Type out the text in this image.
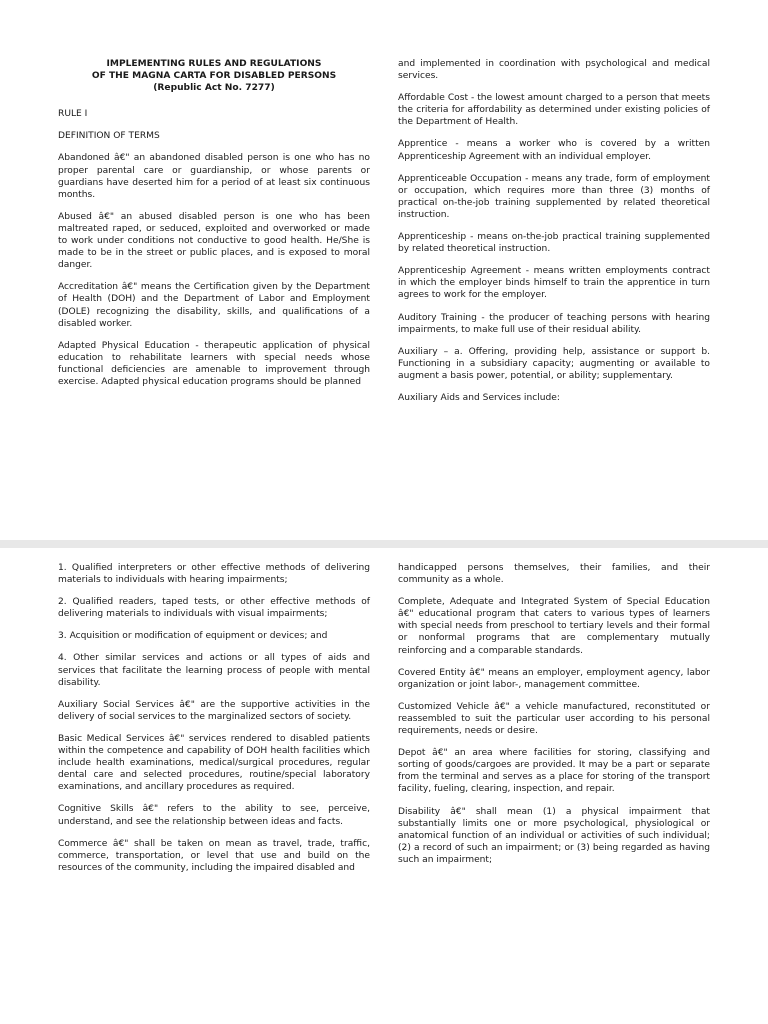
IMPLEMENTING RULES AND REGULATIONS

OF THE MAGNA CARTA FOR DISABLED PERSONS

(Republic Act No. 7277)

RULE I

DEFINITION OF TERMS

Abandoned â€" an abandoned disabled person is one who has no proper parental care or guardianship, or whose parents or guardians have deserted him for a period of at least six continuous months.

Abused â€" an abused disabled person is one who has been maltreated raped, or seduced, exploited and overworked or made to work under conditions not conductive to good health. He/She is made to be in the street or public places, and is exposed to moral danger.

Accreditation â€" means the Certification given by the Department of Health (DOH) and the Department of Labor and Employment (DOLE) recognizing the disability, skills, and qualifications of a disabled worker.

Adapted Physical Education - therapeutic application of physical education to rehabilitate learners with special needs whose functional deficiencies are amenable to improvement through exercise. Adapted physical education programs should be planned

and implemented in coordination with psychological and medical services.

Affordable Cost - the lowest amount charged to a person that meets the criteria for affordability as determined under existing policies of the Department of Health.

Apprentice - means a worker who is covered by a written Apprenticeship Agreement with an individual employer.

Apprenticeable Occupation - means any trade, form of employment or occupation, which requires more than three (3) months of practical on-the-job training supplemented by related theoretical instruction.

Apprenticeship - means on-the-job practical training supplemented by related theoretical instruction.

Apprenticeship Agreement - means written employments contract in which the employer binds himself to train the apprentice in turn agrees to work for the employer.

Auditory Training - the producer of teaching persons with hearing impairments, to make full use of their residual ability.

Auxiliary – a. Offering, providing help, assistance or support b. Functioning in a subsidiary capacity; augmenting or available to augment a basis power, potential, or ability; supplementary.

Auxiliary Aids and Services include:

1. Qualified interpreters or other effective methods of delivering materials to individuals with hearing impairments;

2. Qualified readers, taped tests, or other effective methods of delivering materials to individuals with visual impairments;

3. Acquisition or modification of equipment or devices; and

4. Other similar services and actions or all types of aids and services that facilitate the learning process of people with mental disability.

Auxiliary Social Services â€" are the supportive activities in the delivery of social services to the marginalized sectors of society.

Basic Medical Services â€" services rendered to disabled patients within the competence and capability of DOH health facilities which include health examinations, medical/surgical procedures, regular dental care and selected procedures, routine/special laboratory examinations, and ancillary procedures as required.

Cognitive Skills â€" refers to the ability to see, perceive, understand, and see the relationship between ideas and facts.

Commerce â€" shall be taken on mean as travel, trade, traffic, commerce, transportation, or level that use and build on the resources of the community, including the impaired disabled and

handicapped persons themselves, their families, and their community as a whole.

Complete, Adequate and Integrated System of Special Education â€" educational program that caters to various types of learners with special needs from preschool to tertiary levels and their formal or nonformal programs that are complementary mutually reinforcing and a comparable standards.

Covered Entity â€" means an employer, employment agency, labor organization or joint labor-, management committee.

Customized Vehicle â€" a vehicle manufactured, reconstituted or reassembled to suit the particular user according to his personal requirements, needs or desire.

Depot â€" an area where facilities for storing, classifying and sorting of goods/cargoes are provided. It may be a part or separate from the terminal and serves as a place for storing of the transport facility, fueling, clearing, inspection, and repair.

Disability â€" shall mean (1) a physical impairment that substantially limits one or more psychological, physiological or anatomical function of an individual or activities of such individual; (2) a record of such an impairment; or (3) being regarded as having such an impairment;
